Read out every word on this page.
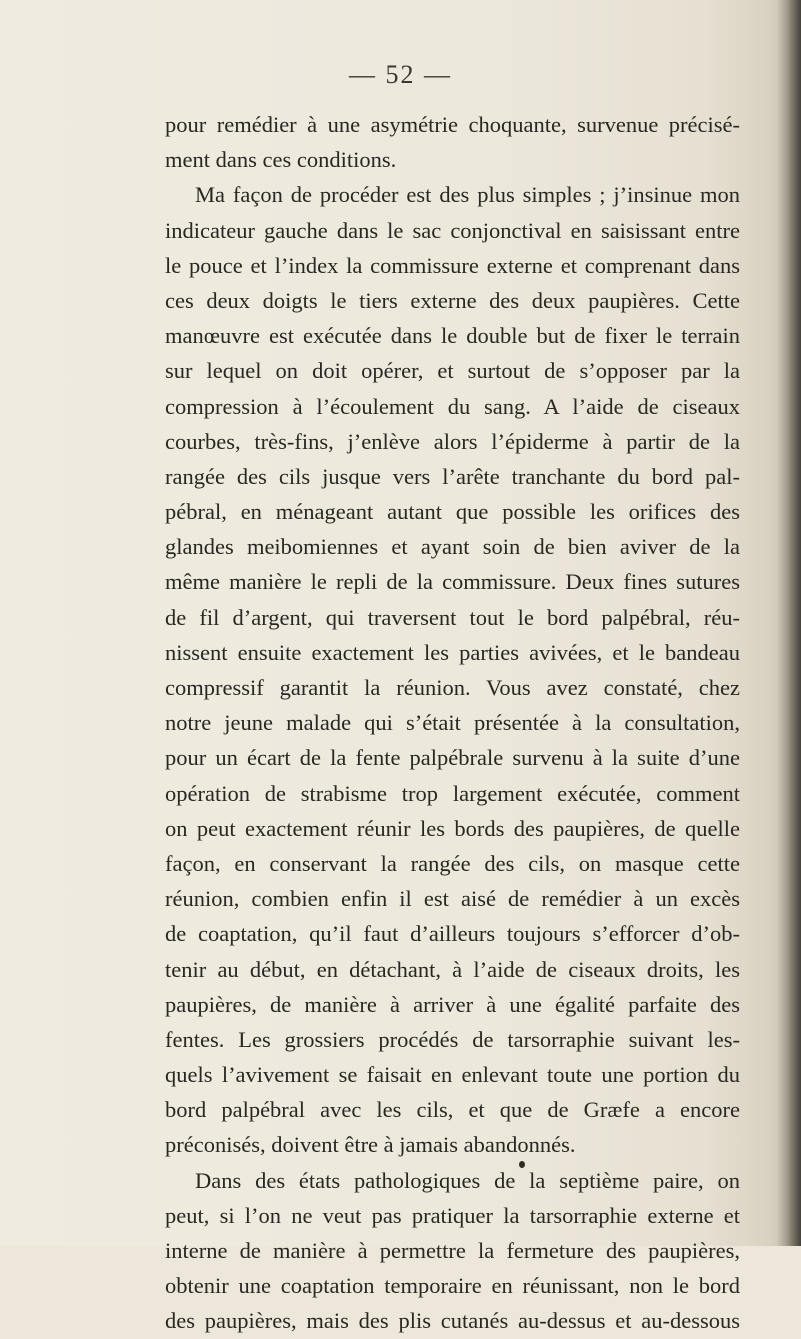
— 52 —
pour remédier à une asymétrie choquante, survenue précisé-
ment dans ces conditions.
Ma façon de procéder est des plus simples ; j’insinue mon
indicateur gauche dans le sac conjonctival en saisissant entre
le pouce et l’index la commissure externe et comprenant dans
ces deux doigts le tiers externe des deux paupières. Cette
manœuvre est exécutée dans le double but de fixer le terrain
sur lequel on doit opérer, et surtout de s’opposer par la
compression à l’écoulement du sang. A l’aide de ciseaux
courbes, très-fins, j’enlève alors l’épiderme à partir de la
rangée des cils jusque vers l’arête tranchante du bord pal-
pébral, en ménageant autant que possible les orifices des
glandes meibomiennes et ayant soin de bien aviver de la
même manière le repli de la commissure. Deux fines sutures
de fil d’argent, qui traversent tout le bord palpébral, réu-
nissent ensuite exactement les parties avivées, et le bandeau
compressif garantit la réunion. Vous avez constaté, chez
notre jeune malade qui s’était présentée à la consultation,
pour un écart de la fente palpébrale survenu à la suite d’une
opération de strabisme trop largement exécutée, comment
on peut exactement réunir les bords des paupières, de quelle
façon, en conservant la rangée des cils, on masque cette
réunion, combien enfin il est aisé de remédier à un excès
de coaptation, qu’il faut d’ailleurs toujours s’efforcer d’ob-
tenir au début, en détachant, à l’aide de ciseaux droits, les
paupières, de manière à arriver à une égalité parfaite des
fentes. Les grossiers procédés de tarsorraphie suivant les-
quels l’avivement se faisait en enlevant toute une portion du
bord palpébral avec les cils, et que de Græfe a encore
préconisés, doivent être à jamais abandonnés.
Dans des états pathologiques de la septième paire, on
peut, si l’on ne veut pas pratiquer la tarsorraphie externe et
interne de manière à permettre la fermeture des paupières,
obtenir une coaptation temporaire en réunissant, non le bord
des paupières, mais des plis cutanés au-dessus et au-dessous
